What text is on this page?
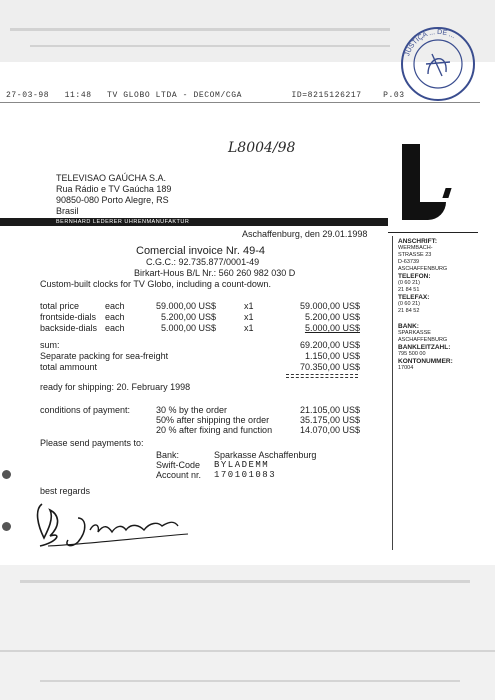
27-03-98 11:48 TV GLOBO LTDA - DECOM/CGA	ID=8215126217	P.03
JUSTIÇA ... DE ...
L8004/98
TELEVISAO GAÚCHA S.A.
Rua Rádio e TV Gaúcha 189
90850-080 Porto Alegre, RS
Brasil
BERNHARD LEDERER UHRENMANUFAKTUR
Aschaffenburg, den 29.01.1998
Comercial invoice Nr. 49-4
C.G.C.: 92.735.877/0001-49
Birkart-Hous B/L Nr.: 560 260 982 030 D
Custom-built clocks for TV Globo, including a count-down.
total price	each	59.000,00 US$	x1	59.000,00 US$
frontside-dials each	5.200,00 US$	x1	5.200,00 US$
backside-dials each	5.000,00 US$	x1	5.000,00 US$
sum:	69.200,00 US$
Separate packing for sea-freight	1.150,00 US$
total ammount	70.350,00 US$
ready for shipping: 20. February 1998
conditions of payment:	30 % by the order	21.105,00 US$
50% after shipping the order	35.175,00 US$
20 % after fixing and function	14.070,00 US$
Please send payments to:
Bank:	Sparkasse Aschaffenburg
Swift-Code BYLADEMM
Account nr. 170101083
best regards
ANSCHRIFT:
WERMBACH-
STRASSE 23
D-63739
ASCHAFFENBURG
TELEFON:
(0 60 21)
21 84 51
TELEFAX:
(0 60 21)
21 84 52
BANK:
SPARKASSE
ASCHAFFENBURG
BANKLEITZAHL:
795 500 00
KONTONUMMER:
17004
